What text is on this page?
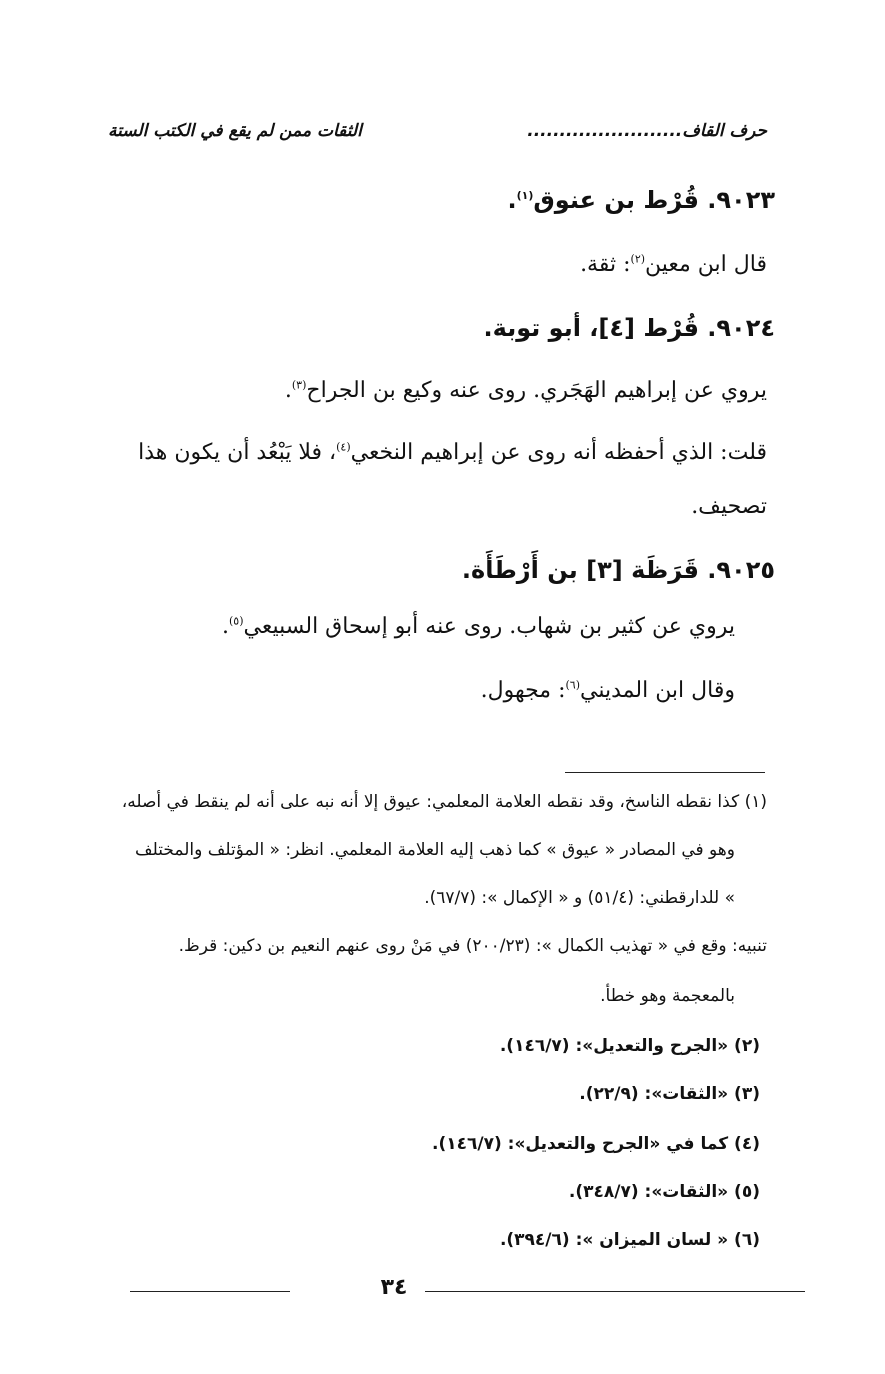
حرف القاف........................
الثقات ممن لم يقع في الكتب الستة
٩٠٢٣. قُرْط بن عنوق$^{(١)}$.
قال ابن معين$^{(٢)}$: ثقة.
٩٠٢٤. قُرْط [٤]، أبو توبة.
يروي عن إبراهيم الهَجَري. روى عنه وكيع بن الجراح$^{(٣)}$.
قلت: الذي أحفظه أنه روى عن إبراهيم النخعي$^{(٤)}$، فلا يَبْعُد أن يكون هذا
تصحيف.
٩٠٢٥. قَرَظَة [٣] بن أَرْطَأَة.
يروي عن كثير بن شهاب. روى عنه أبو إسحاق السبيعي$^{(٥)}$.
وقال ابن المديني$^{(٦)}$: مجهول.
(١) كذا نقطه الناسخ، وقد نقطه العلامة المعلمي: عيوق إلا أنه نبه على أنه لم ينقط في أصله،
وهو في المصادر « عيوق » كما ذهب إليه العلامة المعلمي. انظر: « المؤتلف والمختلف
» للدارقطني: (٥١/٤) و « الإكمال »: (٦٧/٧).
تنبيه: وقع في « تهذيب الكمال »: (٢٠٠/٢٣) في مَنْ روى عنهم النعيم بن دكين: قرظ.
بالمعجمة وهو خطأ.
(٢) «الجرح والتعديل»: (١٤٦/٧).
(٣) «الثقات»: (٢٢/٩).
(٤) كما في «الجرح والتعديل»: (١٤٦/٧).
(٥) «الثقات»: (٣٤٨/٧).
(٦) « لسان الميزان »: (٣٩٤/٦).
٣٤
